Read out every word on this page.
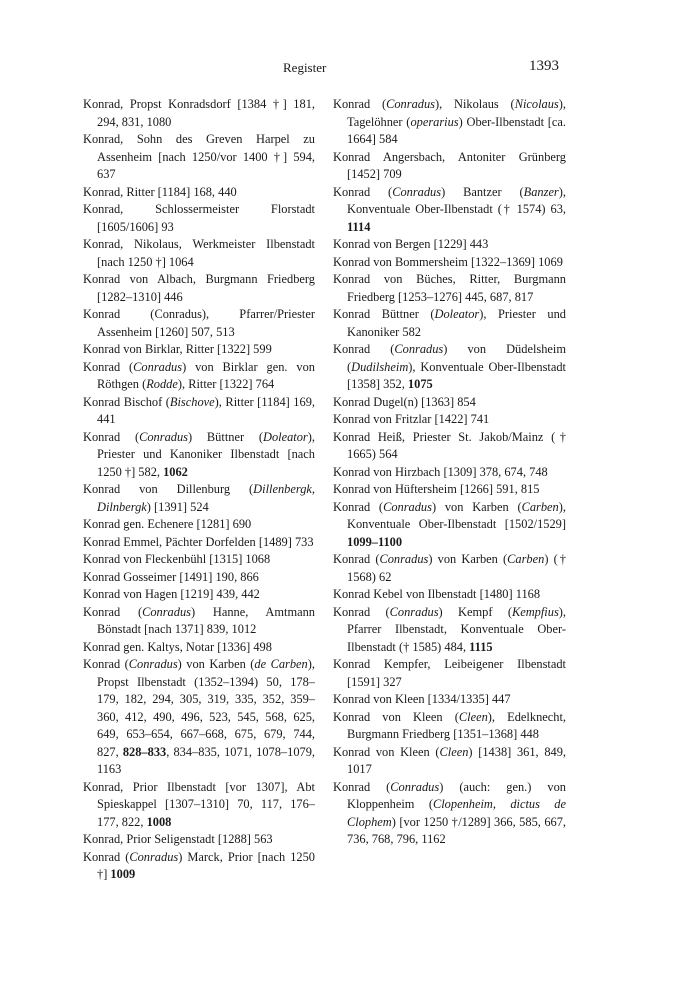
Register	1393
Konrad, Propst Konradsdorf [1384 †] 181, 294, 831, 1080
Konrad, Sohn des Greven Harpel zu Assenheim [nach 1250/vor 1400 †] 594, 637
Konrad, Ritter [1184] 168, 440
Konrad, Schlossermeister Florstadt [1605/1606] 93
Konrad, Nikolaus, Werkmeister Ilbenstadt [nach 1250 †] 1064
Konrad von Albach, Burgmann Friedberg [1282–1310] 446
Konrad (Conradus), Pfarrer/Priester Assenheim [1260] 507, 513
Konrad von Birklar, Ritter [1322] 599
Konrad (Conradus) von Birklar gen. von Röthgen (Rodde), Ritter [1322] 764
Konrad Bischof (Bischove), Ritter [1184] 169, 441
Konrad (Conradus) Büttner (Doleator), Priester und Kanoniker Ilbenstadt [nach 1250 †] 582, 1062
Konrad von Dillenburg (Dillenbergk, Dilnbergk) [1391] 524
Konrad gen. Echenere [1281] 690
Konrad Emmel, Pächter Dorfelden [1489] 733
Konrad von Fleckenbühl [1315] 1068
Konrad Gosseimer [1491] 190, 866
Konrad von Hagen [1219] 439, 442
Konrad (Conradus) Hanne, Amtmann Bönstadt [nach 1371] 839, 1012
Konrad gen. Kaltys, Notar [1336] 498
Konrad (Conradus) von Karben (de Carben), Propst Ilbenstadt (1352–1394) 50, 178–179, 182, 294, 305, 319, 335, 352, 359–360, 412, 490, 496, 523, 545, 568, 625, 649, 653–654, 667–668, 675, 679, 744, 827, 828–833, 834–835, 1071, 1078–1079, 1163
Konrad, Prior Ilbenstadt [vor 1307], Abt Spieskappel [1307–1310] 70, 117, 176–177, 822, 1008
Konrad, Prior Seligenstadt [1288] 563
Konrad (Conradus) Marck, Prior [nach 1250 †] 1009
Konrad (Conradus), Nikolaus (Nicolaus), Tagelöhner (operarius) Ober-Ilbenstadt [ca. 1664] 584
Konrad Angersbach, Antoniter Grünberg [1452] 709
Konrad (Conradus) Bantzer (Banzer), Konventuale Ober-Ilbenstadt († 1574) 63, 1114
Konrad von Bergen [1229] 443
Konrad von Bommersheim [1322–1369] 1069
Konrad von Büches, Ritter, Burgmann Friedberg [1253–1276] 445, 687, 817
Konrad Büttner (Doleator), Priester und Kanoniker 582
Konrad (Conradus) von Düdelsheim (Dudilsheim), Konventuale Ober-Ilbenstadt [1358] 352, 1075
Konrad Dugel(n) [1363] 854
Konrad von Fritzlar [1422] 741
Konrad Heiß, Priester St. Jakob/Mainz († 1665) 564
Konrad von Hirzbach [1309] 378, 674, 748
Konrad von Hüftersheim [1266] 591, 815
Konrad (Conradus) von Karben (Carben), Konventuale Ober-Ilbenstadt [1502/1529] 1099–1100
Konrad (Conradus) von Karben (Carben) († 1568) 62
Konrad Kebel von Ilbenstadt [1480] 1168
Konrad (Conradus) Kempf (Kempfius), Pfarrer Ilbenstadt, Konventuale Ober-Ilbenstadt († 1585) 484, 1115
Konrad Kempfer, Leibeigener Ilbenstadt [1591] 327
Konrad von Kleen [1334/1335] 447
Konrad von Kleen (Cleen), Edelknecht, Burgmann Friedberg [1351–1368] 448
Konrad von Kleen (Cleen) [1438] 361, 849, 1017
Konrad (Conradus) (auch: gen.) von Kloppenheim (Clopenheim, dictus de Clophem) [vor 1250 †/1289] 366, 585, 667, 736, 768, 796, 1162
